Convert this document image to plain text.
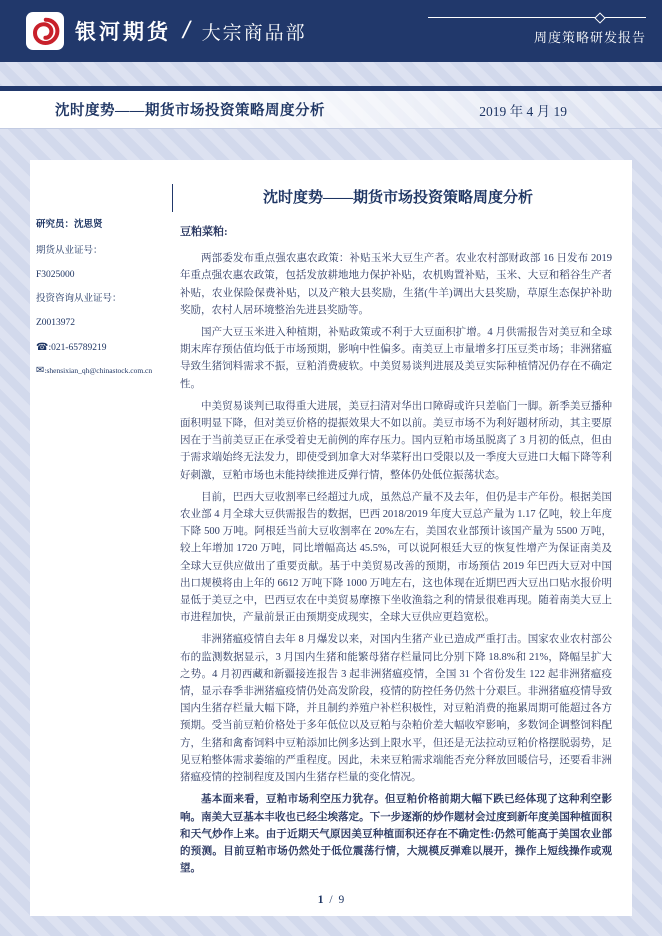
银河期货 / 大宗商品部	周度策略研发报告
沈时度势——期货市场投资策略周度分析	2019 年 4 月 19
沈时度势——期货市场投资策略周度分析
研究员：沈思贤
期货从业证号：
F3025000
投资咨询从业证号：
Z0013972
☎:021-65789219
✉:shensixian_qh@chinastock.com.cn
豆粕菜粕:

两部委发布重点强农惠农政策：补贴玉米大豆生产者。农业农村部财政部 16 日发布 2019 年重点强农惠农政策，包括发放耕地地力保护补贴，农机购置补贴，玉米、大豆和稻谷生产者补贴，农业保险保费补贴，以及产粮大县奖励，生猪(牛羊)调出大县奖励，草原生态保护补助奖励，农村人居环境整治先进县奖励等。

国产大豆玉米进入种植期，补贴政策或不利于大豆面积扩增。4 月供需报告对美豆和全球期末库存预估值均低于市场预期，影响中性偏多。南美豆上市量增多打压豆类市场；非洲猪瘟导致生猪饲料需求不振，豆粕消费疲软。中美贸易谈判进展及美豆实际种植情况仍存在不确定性。

中美贸易谈判已取得重大进展，美豆扫清对华出口障碍或许只差临门一脚。新季美豆播种面积明显下降，但对美豆价格的提振效果大不如以前。美豆市场不为利好题材所动，其主要原因在于当前美豆正在承受着史无前例的库存压力。国内豆粕市场虽脱离了 3 月初的低点，但由于需求端始终无法发力，即使受到加拿大对华菜籽出口受限以及一季度大豆进口大幅下降等利好刺激，豆粕市场也未能持续推进反弹行情，整体仍处低位振荡状态。

目前，巴西大豆收割率已经超过九成，虽然总产量不及去年，但仍是丰产年份。根据美国农业部 4 月全球大豆供需报告的数据，巴西 2018/2019 年度大豆总产量为 1.17 亿吨，较上年度下降 500 万吨。阿根廷当前大豆收割率在 20%左右，美国农业部预计该国产量为 5500 万吨，较上年增加 1720 万吨，同比增幅高达 45.5%，可以说阿根廷大豆的恢复性增产为保证南美及全球大豆供应做出了重要贡献。基于中美贸易改善的预期，市场预估 2019 年巴西大豆对中国出口规模将由上年的 6612 万吨下降 1000 万吨左右，这也体现在近期巴西大豆出口贴水报价明显低于美豆之中，巴西豆农在中美贸易摩擦下坐收渔翁之利的情景很难再现。随着南美大豆上市进程加快，产量前景正由预期变成现实，全球大豆供应更趋宽松。

非洲猪瘟疫情自去年 8 月爆发以来，对国内生猪产业已造成严重打击。国家农业农村部公布的监测数据显示，3 月国内生猪和能繁母猪存栏量同比分别下降 18.8%和 21%，降幅呈扩大之势。4 月初西藏和新疆接连报告 3 起非洲猪瘟疫情，全国 31 个省份发生 122 起非洲猪瘟疫情，显示春季非洲猪瘟疫情仍处高发阶段，疫情的防控任务仍然十分艰巨。非洲猪瘟疫情导致国内生猪存栏量大幅下降，并且制约养殖户补栏积极性，对豆粕消费的拖累周期可能超过各方预期。受当前豆粕价格处于多年低位以及豆粕与杂粕价差大幅收窄影响，多数饲企调整饲料配方，生猪和禽畜饲料中豆粕添加比例多达到上限水平，但还是无法拉动豆粕价格摆脱弱势，足见豆粕整体需求萎缩的严重程度。因此，未来豆粕需求端能否充分释放回暖信号，还要看非洲猪瘟疫情的控制程度及国内生猪存栏量的变化情况。

基本面来看，豆粕市场利空压力犹存。但豆粕价格前期大幅下跌已经体现了这种利空影响。南美大豆基本丰收也已经尘埃落定。下一步逐渐的炒作题材会过度到新年度美国种植面积和天气炒作上来。由于近期天气原因美豆种植面积还存在不确定性:仍然可能高于美国农业部的预测。目前豆粕市场仍然处于低位震荡行情，大规模反弹难以展开，操作上短线操作或观望。

1 / 9
